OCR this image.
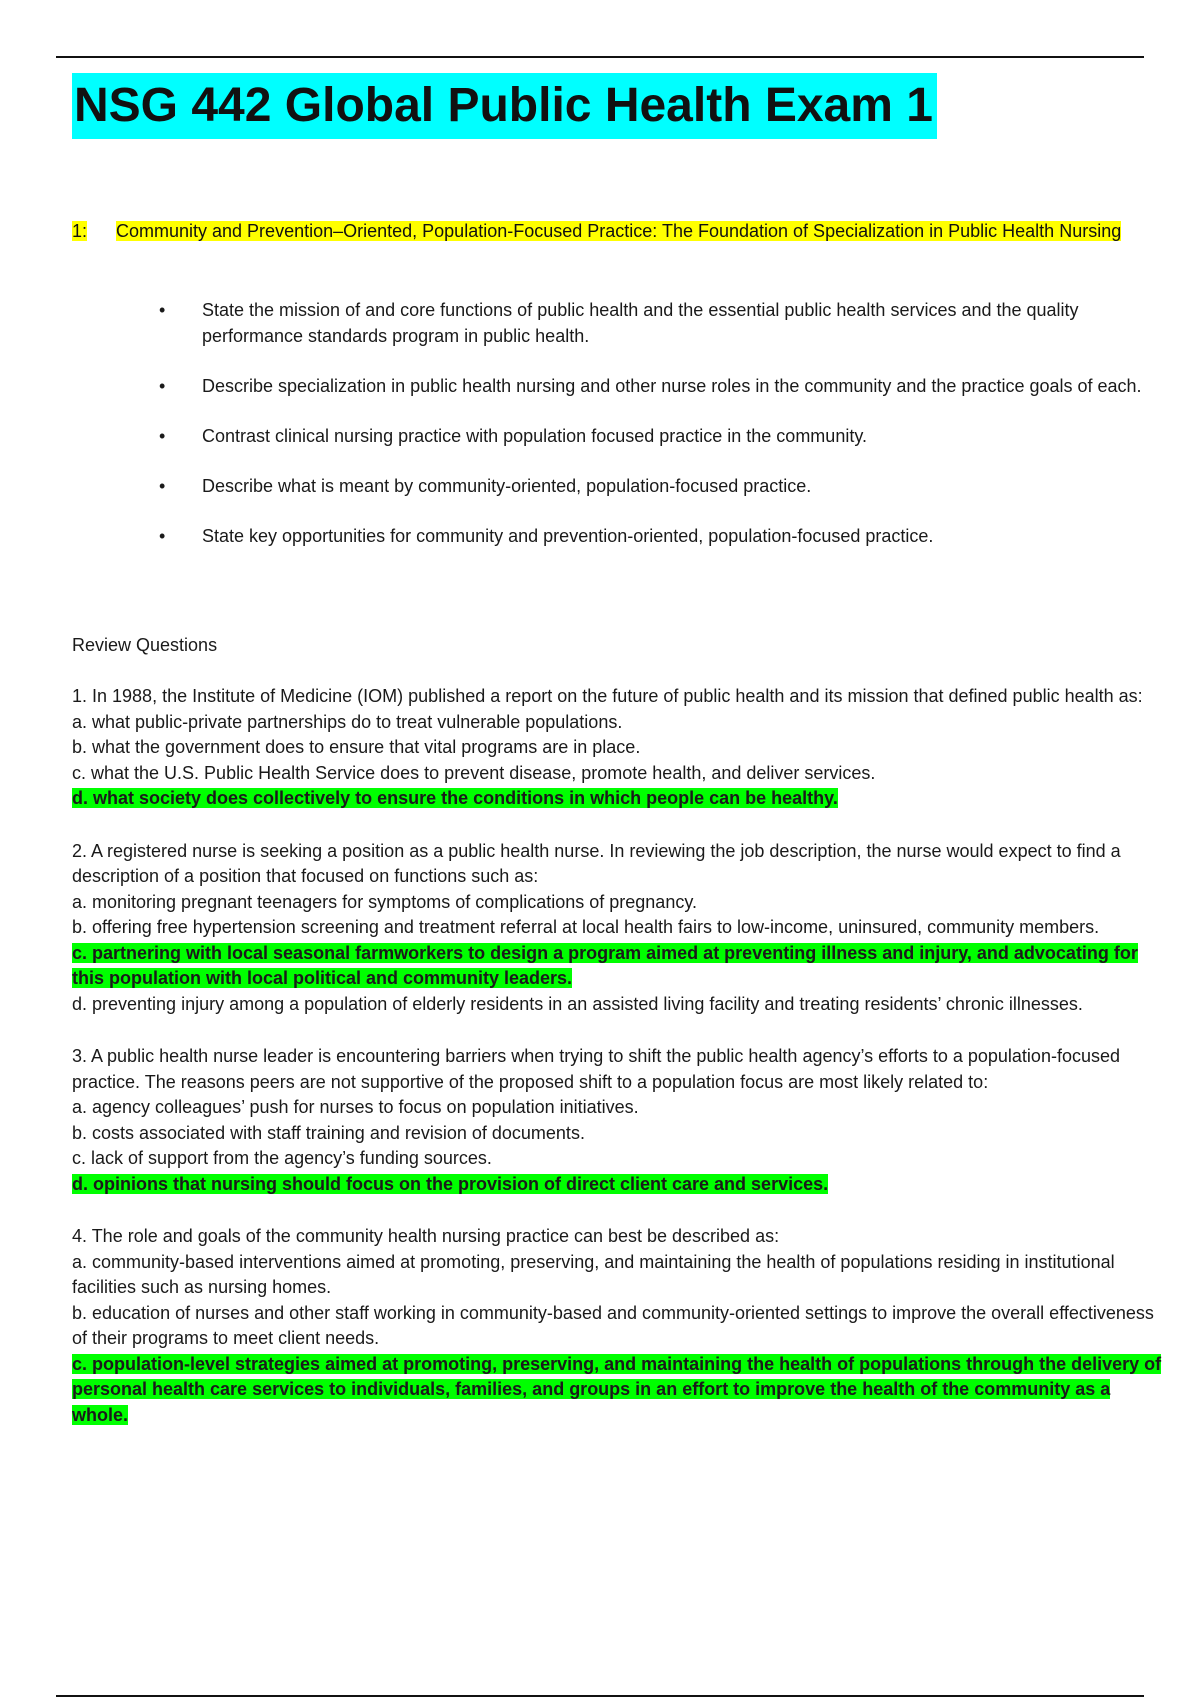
NSG 442 Global Public Health Exam 1
1:	Community and Prevention–Oriented, Population-Focused Practice: The Foundation of Specialization in Public Health Nursing
• State the mission of and core functions of public health and the essential public health services and the quality performance standards program in public health.
• Describe specialization in public health nursing and other nurse roles in the community and the practice goals of each.
• Contrast clinical nursing practice with population focused practice in the community.
• Describe what is meant by community-oriented, population-focused practice.
• State key opportunities for community and prevention-oriented, population-focused practice.
Review Questions
1. In 1988, the Institute of Medicine (IOM) published a report on the future of public health and its mission that defined public health as:
a. what public-private partnerships do to treat vulnerable populations.
b. what the government does to ensure that vital programs are in place.
c. what the U.S. Public Health Service does to prevent disease, promote health, and deliver services.
d. what society does collectively to ensure the conditions in which people can be healthy.
2. A registered nurse is seeking a position as a public health nurse. In reviewing the job description, the nurse would expect to find a description of a position that focused on functions such as:
a. monitoring pregnant teenagers for symptoms of complications of pregnancy.
b. offering free hypertension screening and treatment referral at local health fairs to low-income, uninsured, community members.
c. partnering with local seasonal farmworkers to design a program aimed at preventing illness and injury, and advocating for this population with local political and community leaders.
d. preventing injury among a population of elderly residents in an assisted living facility and treating residents’ chronic illnesses.
3. A public health nurse leader is encountering barriers when trying to shift the public health agency’s efforts to a population-focused practice. The reasons peers are not supportive of the proposed shift to a population focus are most likely related to:
a. agency colleagues’ push for nurses to focus on population initiatives.
b. costs associated with staff training and revision of documents.
c. lack of support from the agency’s funding sources.
d. opinions that nursing should focus on the provision of direct client care and services.
4. The role and goals of the community health nursing practice can best be described as:
a. community-based interventions aimed at promoting, preserving, and maintaining the health of populations residing in institutional facilities such as nursing homes.
b. education of nurses and other staff working in community-based and community-oriented settings to improve the overall effectiveness of their programs to meet client needs.
c. population-level strategies aimed at promoting, preserving, and maintaining the health of populations through the delivery of personal health care services to individuals, families, and groups in an effort to improve the health of the community as a whole.
